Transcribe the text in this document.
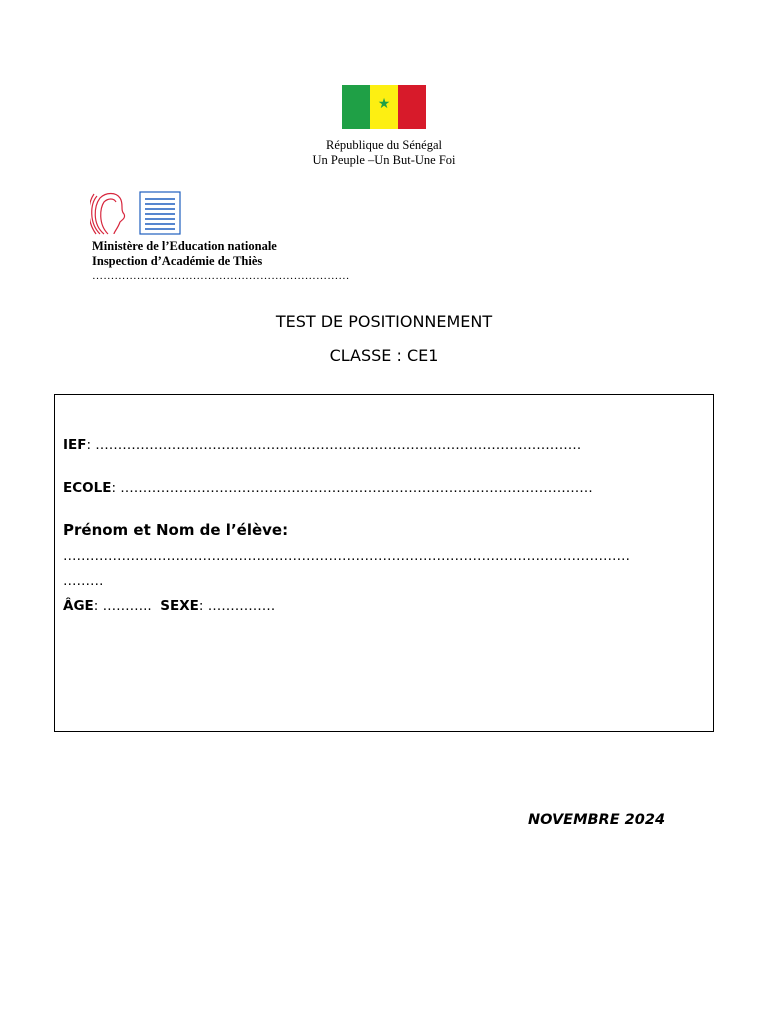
★
République du Sénégal
Un Peuple –Un But-Une Foi
Ministère de l’Education nationale
Inspection d’Académie de Thiès
……………………………………………………………
TEST DE POSITIONNEMENT
CLASSE : CE1
IEF: ………………………………………………………………………………………………
ECOLE: ……………………………………………………………………………………………
Prénom et Nom de l’élève:
………………………………………………………………………………………………………………
………
ÂGE: ……….. SEXE: ……………
NOVEMBRE 2024
